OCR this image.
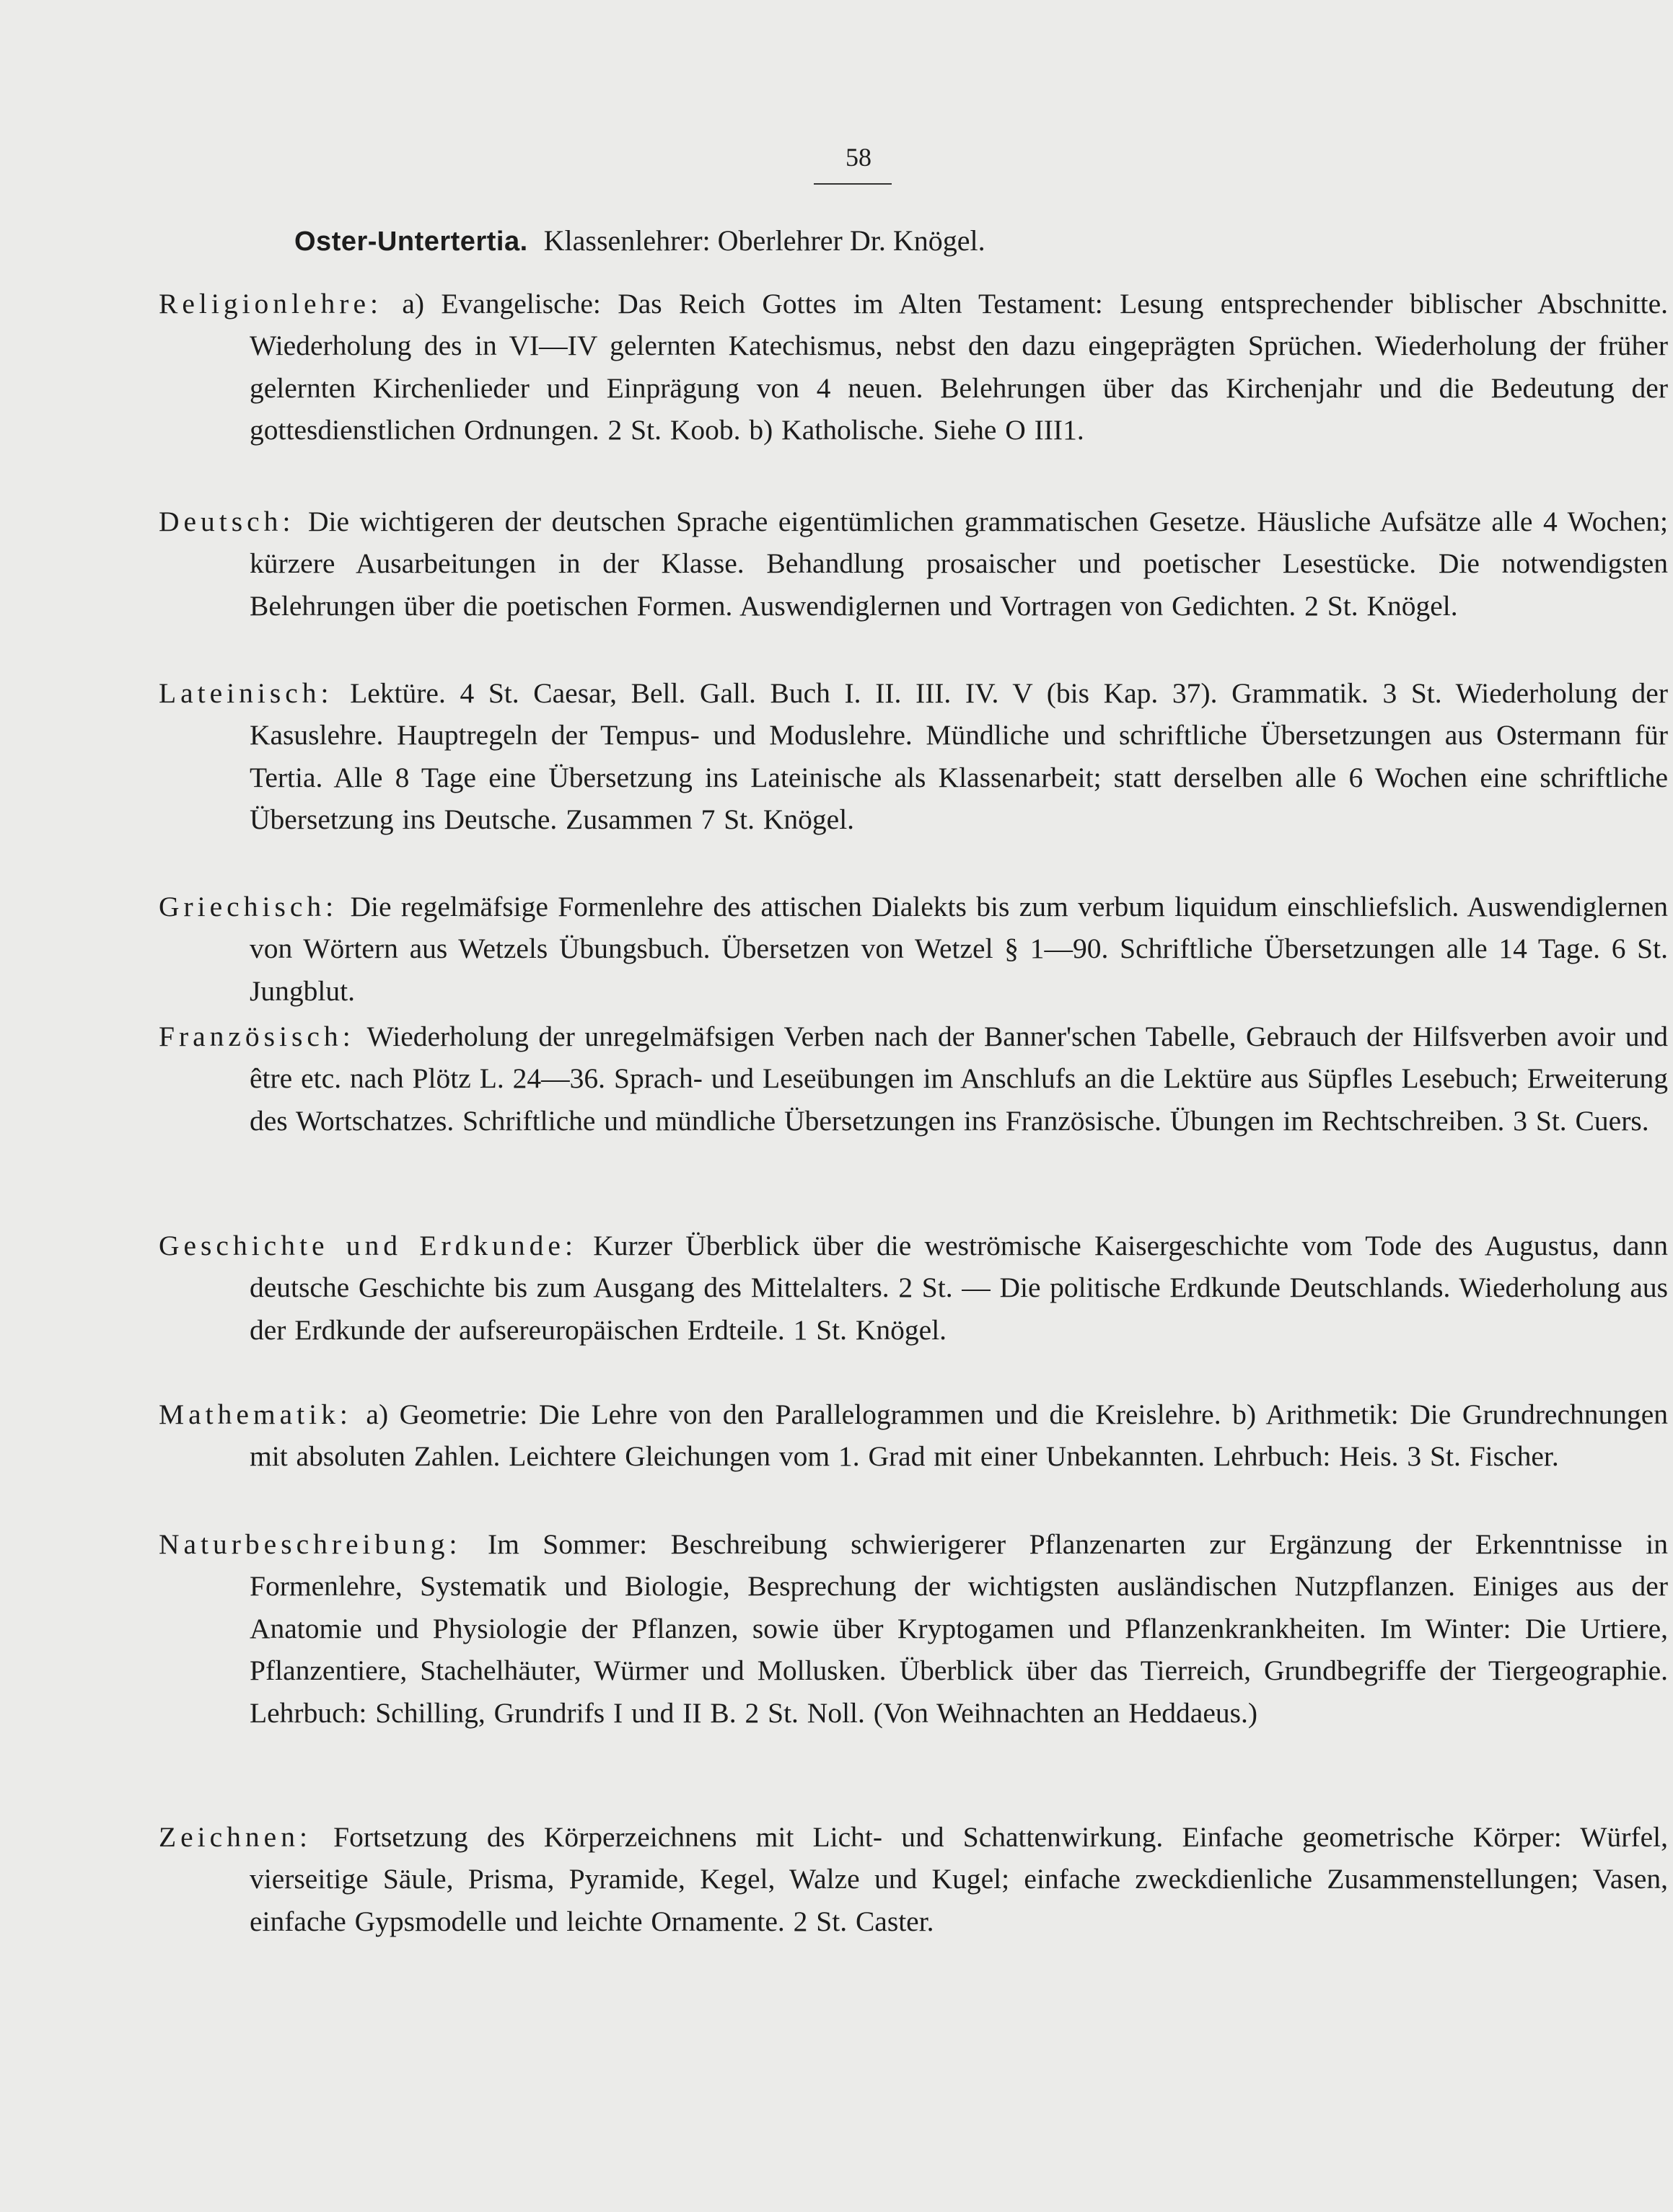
58
Oster-Untertertia. Klassenlehrer: Oberlehrer Dr. Knögel.
Religionlehre: a) Evangelische: Das Reich Gottes im Alten Testament: Lesung entsprechender biblischer Abschnitte. Wiederholung des in VI—IV gelernten Katechismus, nebst den dazu eingeprägten Sprüchen. Wiederholung der früher gelernten Kirchenlieder und Einprägung von 4 neuen. Belehrungen über das Kirchenjahr und die Bedeutung der gottesdienstlichen Ordnungen. 2 St. Koob. b) Katholische. Siehe O III1.
Deutsch: Die wichtigeren der deutschen Sprache eigentümlichen grammatischen Gesetze. Häusliche Aufsätze alle 4 Wochen; kürzere Ausarbeitungen in der Klasse. Behandlung prosaischer und poetischer Lesestücke. Die notwendigsten Belehrungen über die poetischen Formen. Auswendiglernen und Vortragen von Gedichten. 2 St. Knögel.
Lateinisch: Lektüre. 4 St. Caesar, Bell. Gall. Buch I. II. III. IV. V (bis Kap. 37). Grammatik. 3 St. Wiederholung der Kasuslehre. Hauptregeln der Tempus- und Moduslehre. Mündliche und schriftliche Übersetzungen aus Ostermann für Tertia. Alle 8 Tage eine Übersetzung ins Lateinische als Klassenarbeit; statt derselben alle 6 Wochen eine schriftliche Übersetzung ins Deutsche. Zusammen 7 St. Knögel.
Griechisch: Die regelmäfsige Formenlehre des attischen Dialekts bis zum verbum liquidum einschliefslich. Auswendiglernen von Wörtern aus Wetzels Übungsbuch. Übersetzen von Wetzel § 1—90. Schriftliche Übersetzungen alle 14 Tage. 6 St. Jungblut.
Französisch: Wiederholung der unregelmäfsigen Verben nach der Banner'schen Tabelle, Gebrauch der Hilfsverben avoir und être etc. nach Plötz L. 24—36. Sprach- und Leseübungen im Anschlufs an die Lektüre aus Süpfles Lesebuch; Erweiterung des Wortschatzes. Schriftliche und mündliche Übersetzungen ins Französische. Übungen im Rechtschreiben. 3 St. Cuers.
Geschichte und Erdkunde: Kurzer Überblick über die weströmische Kaisergeschichte vom Tode des Augustus, dann deutsche Geschichte bis zum Ausgang des Mittelalters. 2 St. — Die politische Erdkunde Deutschlands. Wiederholung aus der Erdkunde der aufsereuropäischen Erdteile. 1 St. Knögel.
Mathematik: a) Geometrie: Die Lehre von den Parallelogrammen und die Kreislehre. b) Arithmetik: Die Grundrechnungen mit absoluten Zahlen. Leichtere Gleichungen vom 1. Grad mit einer Unbekannten. Lehrbuch: Heis. 3 St. Fischer.
Naturbeschreibung: Im Sommer: Beschreibung schwierigerer Pflanzenarten zur Ergänzung der Erkenntnisse in Formenlehre, Systematik und Biologie, Besprechung der wichtigsten ausländischen Nutzpflanzen. Einiges aus der Anatomie und Physiologie der Pflanzen, sowie über Kryptogamen und Pflanzenkrankheiten. Im Winter: Die Urtiere, Pflanzentiere, Stachelhäuter, Würmer und Mollusken. Überblick über das Tierreich, Grundbegriffe der Tiergeographie. Lehrbuch: Schilling, Grundrifs I und II B. 2 St. Noll. (Von Weihnachten an Heddaeus.)
Zeichnen: Fortsetzung des Körperzeichnens mit Licht- und Schattenwirkung. Einfache geometrische Körper: Würfel, vierseitige Säule, Prisma, Pyramide, Kegel, Walze und Kugel; einfache zweckdienliche Zusammenstellungen; Vasen, einfache Gypsmodelle und leichte Ornamente. 2 St. Caster.
